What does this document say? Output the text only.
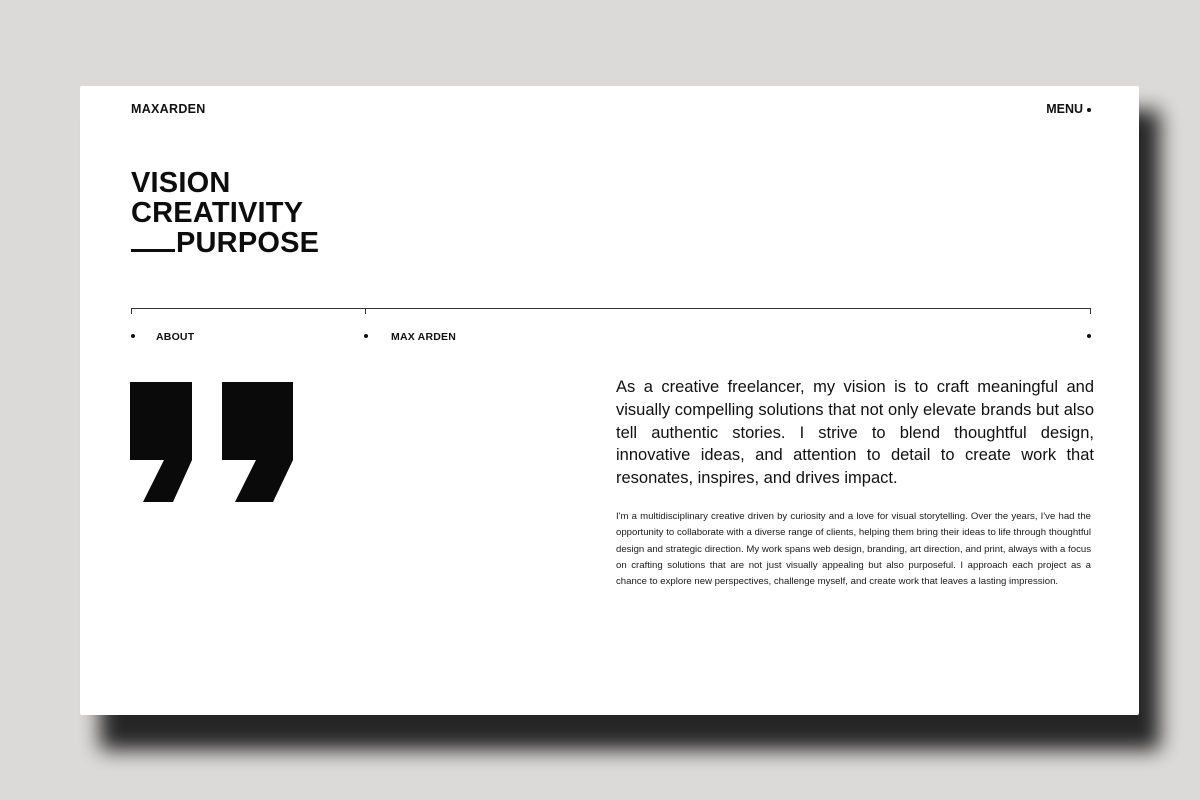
MAXARDEN	MENU
VISION
CREATIVITY
PURPOSE
ABOUT	MAX ARDEN
As a creative freelancer, my vision is to craft meaningful and visually compelling solutions that not only elevate brands but also tell authentic stories. I strive to blend thoughtful design, innovative ideas, and attention to detail to create work that resonates, inspires, and drives impact.
I'm a multidisciplinary creative driven by curiosity and a love for visual storytelling. Over the years, I've had the opportunity to collaborate with a diverse range of clients, helping them bring their ideas to life through thoughtful design and strategic direction. My work spans web design, branding, art direction, and print, always with a focus on crafting solutions that are not just visually appealing but also purposeful. I approach each project as a chance to explore new perspectives, challenge myself, and create work that leaves a lasting impression.
